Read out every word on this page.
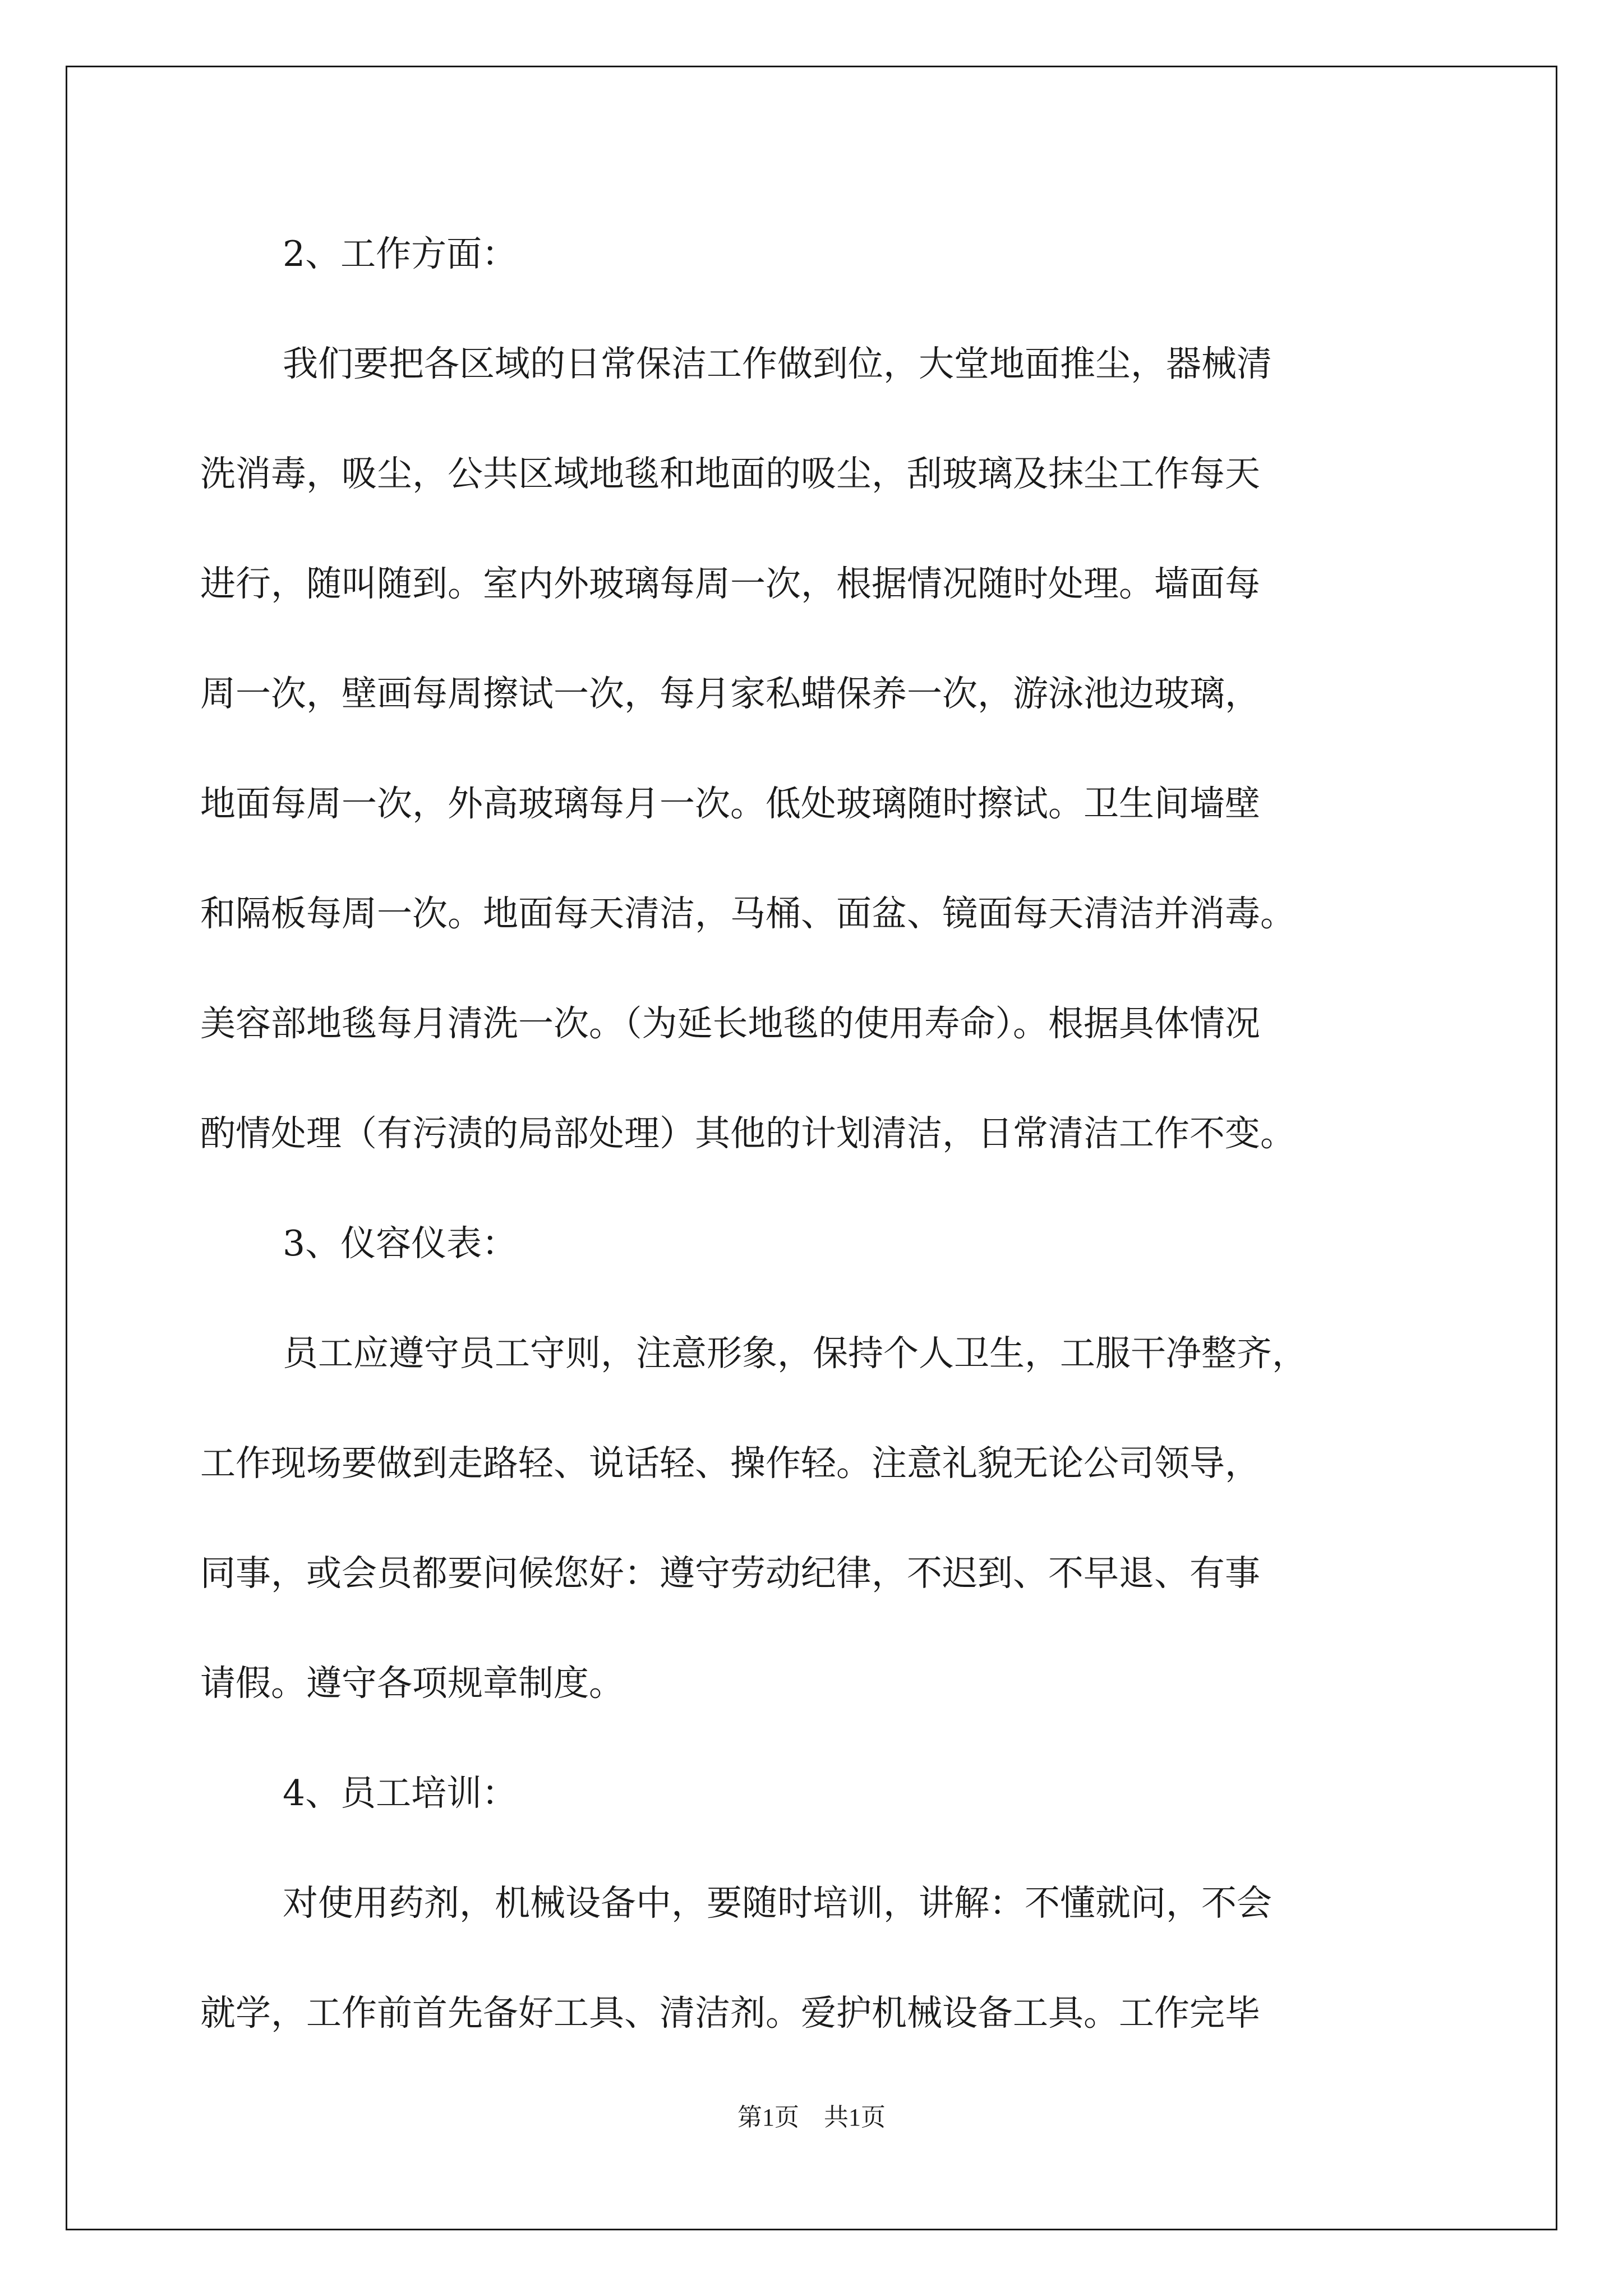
2、工作方面：
我们要把各区域的日常保洁工作做到位，大堂地面推尘，器械清
洗消毒，吸尘，公共区域地毯和地面的吸尘，刮玻璃及抹尘工作每天
进行，随叫随到。室内外玻璃每周一次，根据情况随时处理。墙面每
周一次，壁画每周擦试一次，每月家私蜡保养一次，游泳池边玻璃，
地面每周一次，外高玻璃每月一次。低处玻璃随时擦试。卫生间墙壁
和隔板每周一次。地面每天清洁，马桶、面盆、镜面每天清洁并消毒。
美容部地毯每月清洗一次。（为延长地毯的使用寿命）。根据具体情况
酌情处理（有污渍的局部处理）其他的计划清洁，日常清洁工作不变。
3、仪容仪表：
员工应遵守员工守则，注意形象，保持个人卫生，工服干净整齐，
工作现场要做到走路轻、说话轻、操作轻。注意礼貌无论公司领导，
同事，或会员都要问候您好：遵守劳动纪律，不迟到、不早退、有事
请假。遵守各项规章制度。
4、员工培训：
对使用药剂，机械设备中，要随时培训，讲解：不懂就问，不会
就学，工作前首先备好工具、清洁剂。爱护机械设备工具。工作完毕
第1页 共1页
